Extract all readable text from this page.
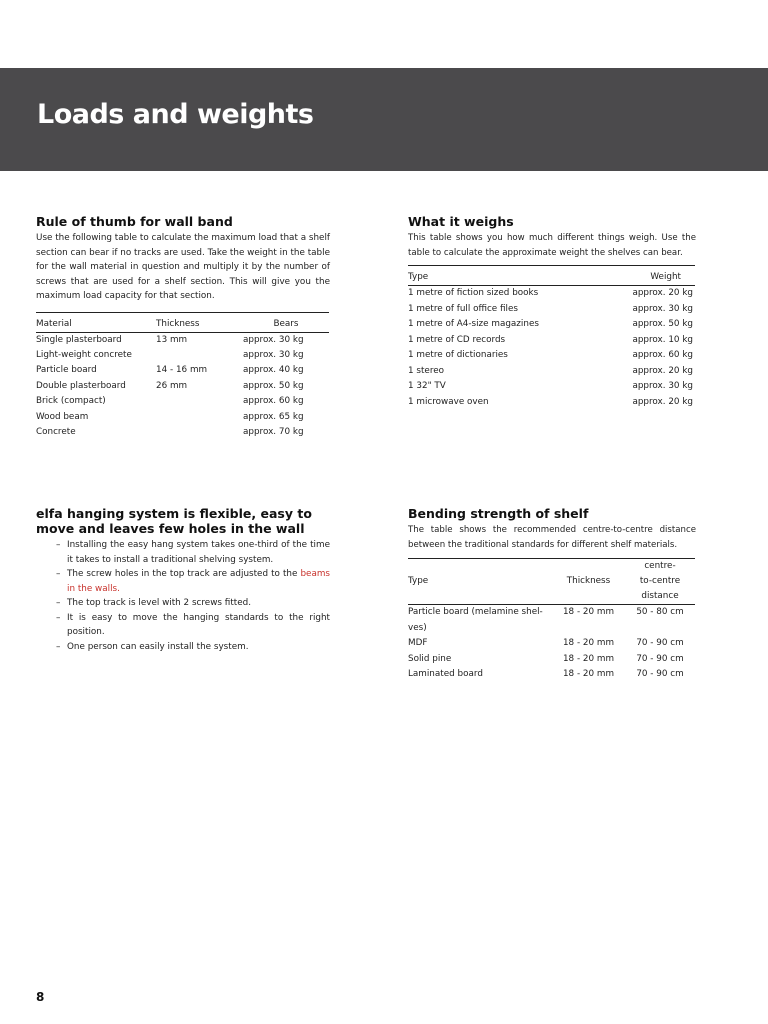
Loads and weights
Rule of thumb for wall band

Use the following table to calculate the maximum load that a shelf section can bear if no tracks are used. Take the weight in the table for the wall material in question and multiply it by the number of screws that are used for a shelf section. This will give you the maximum load capacity for that section.

Material	Thickness	Bears
Single plasterboard	13 mm	approx. 30 kg
Light-weight concrete		approx. 30 kg
Particle board	14 - 16 mm	approx. 40 kg
Double plasterboard	26 mm	approx. 50 kg
Brick (compact)		approx. 60 kg
Wood beam		approx. 65 kg
Concrete		approx. 70 kg
What it weighs

This table shows you how much different things weigh. Use the table to calculate the approximate weight the shelves can bear.

Type	Weight
1 metre of fiction sized books	approx. 20 kg
1 metre of full office files	approx. 30 kg
1 metre of A4-size magazines	approx. 50 kg
1 metre of CD records	approx. 10 kg
1 metre of dictionaries	approx. 60 kg
1 stereo	approx. 20 kg
1 32" TV	approx. 30 kg
1 microwave oven	approx. 20 kg
elfa hanging system is flexible, easy to move and leaves few holes in the wall
– Installing the easy hang system takes one-third of the time it takes to install a traditional shelving system.
– The screw holes in the top track are adjusted to the beams in the walls.
– The top track is level with 2 screws fitted.
– It is easy to move the hanging standards to the right position.
– One person can easily install the system.
Bending strength of shelf

The table shows the recommended centre-to-centre distance between the traditional standards for different shelf materials.

Type	Thickness	centre-
to-centre
distance

Particle board (melamine shel-ves)	18 - 20 mm	50 - 80 cm
MDF	18 - 20 mm	70 - 90 cm
Solid pine	18 - 20 mm	70 - 90 cm
Laminated board	18 - 20 mm	70 - 90 cm
8
